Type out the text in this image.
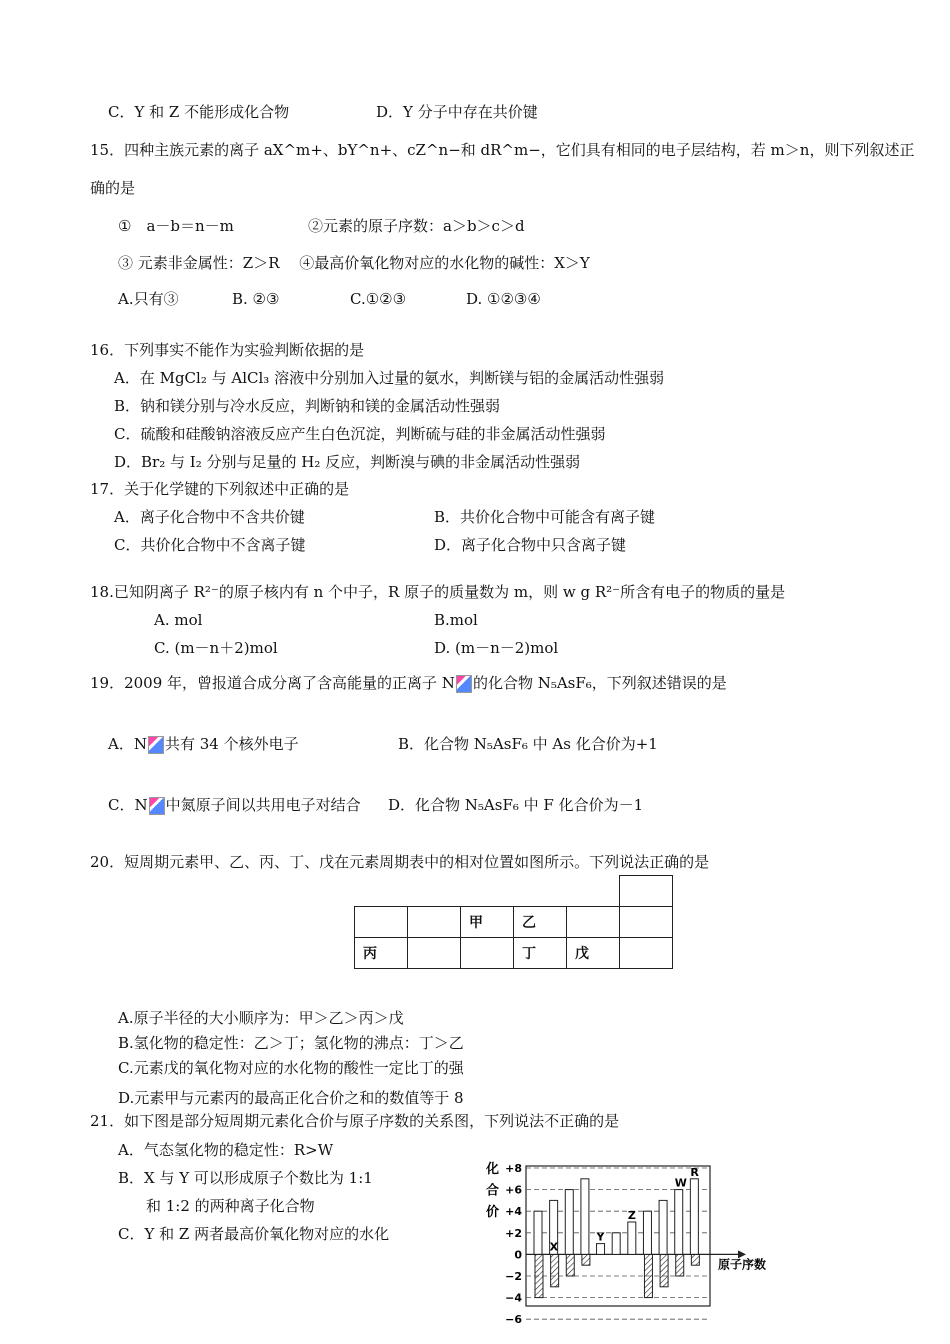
C．Y 和 Z 不能形成化合物	D．Y 分子中存在共价键
15．四种主族元素的离子 aX^m+、bY^n+、cZ^n−和 dR^m−，它们具有相同的电子层结构，若 m＞n，则下列叙述正
确的是
①　a－b＝n－m	②元素的原子序数：a＞b＞c＞d
③ 元素非金属性：Z＞R　 ④最高价氧化物对应的水化物的碱性：X＞Y
A.只有③	B. ②③	C.①②③	D. ①②③④
16．下列事实不能作为实验判断依据的是
A．在 MgCl₂ 与 AlCl₃ 溶液中分别加入过量的氨水，判断镁与铝的金属活动性强弱
B．钠和镁分别与冷水反应，判断钠和镁的金属活动性强弱
C．硫酸和硅酸钠溶液反应产生白色沉淀，判断硫与硅的非金属活动性强弱
D．Br₂ 与 I₂ 分别与足量的 H₂ 反应，判断溴与碘的非金属活动性强弱
17．关于化学键的下列叙述中正确的是
A．离子化合物中不含共价键	B．共价化合物中可能含有离子键
C．共价化合物中不含离子键	D．离子化合物中只含离子键
18.已知阴离子 R²⁻的原子核内有 n 个中子，R 原子的质量数为 m，则 w g R²⁻所含有电子的物质的量是
A. mol	B.mol
C. (m－n＋2)mol	D. (m－n－2)mol
19．2009 年，曾报道合成分离了含高能量的正离子 N 的化合物 N₅AsF₆，下列叙述错误的是
A．N 共有 34 个核外电子	B．化合物 N₅AsF₆ 中 As 化合价为+1
C．N 中氮原子间以共用电子对结合 D．化合物 N₅AsF₆ 中 F 化合价为－1
20．短周期元素甲、乙、丙、丁、戊在元素周期表中的相对位置如图所示。下列说法正确的是

		甲	乙		
丙			丁	戊	
A.原子半径的大小顺序为：甲＞乙＞丙＞戊
B.氢化物的稳定性：乙＞丁；氢化物的沸点：丁＞乙
C.元素戊的氧化物对应的水化物的酸性一定比丁的强
D.元素甲与元素丙的最高正化合价之和的数值等于 8
21．如下图是部分短周期元素化合价与原子序数的关系图，下列说法不正确的是
A．气态氢化物的稳定性：R>W
B．X 与 Y 可以形成原子个数比为 1:1
和 1:2 的两种离子化合物
C．Y 和 Z 两者最高价氧化物对应的水化
+8
+6
+4
+2
0
−2
−4
−6
化
合
价
原子序数
X
Y
Z
W
R
